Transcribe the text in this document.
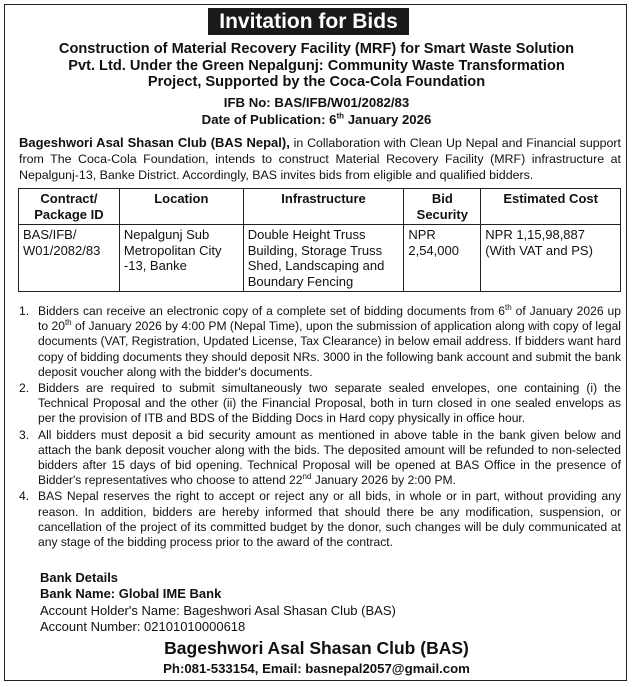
Invitation for Bids
Construction of Material Recovery Facility (MRF) for Smart Waste Solution
Pvt. Ltd. Under the Green Nepalgunj: Community Waste Transformation
Project, Supported by the Coca-Cola Foundation
IFB No: BAS/IFB/W01/2082/83
Date of Publication: 6th January 2026
Bageshwori Asal Shasan Club (BAS Nepal), in Collaboration with Clean Up Nepal and Financial support from The Coca-Cola Foundation, intends to construct Material Recovery Facility (MRF) infrastructure at Nepalgunj-13, Banke District. Accordingly, BAS invites bids from eligible and qualified bidders.
Contract/ Package ID	Location	Infrastructure	Bid Security	Estimated Cost
BAS/IFB/ W01/2082/83	Nepalgunj Sub Metropolitan City -13, Banke	Double Height Truss Building, Storage Truss Shed, Landscaping and Boundary Fencing	NPR 2,54,000	NPR 1,15,98,887 (With VAT and PS)
1. Bidders can receive an electronic copy of a complete set of bidding documents from 6th of January 2026 up to 20th of January 2026 by 4:00 PM (Nepal Time), upon the submission of application along with copy of legal documents (VAT, Registration, Updated License, Tax Clearance) in below email address. If bidders want hard copy of bidding documents they should deposit NRs. 3000 in the following bank account and submit the bank deposit voucher along with the bidder's documents.
2. Bidders are required to submit simultaneously two separate sealed envelopes, one containing (i) the Technical Proposal and the other (ii) the Financial Proposal, both in turn closed in one sealed envelops as per the provision of ITB and BDS of the Bidding Docs in Hard copy physically in office hour.
3. All bidders must deposit a bid security amount as mentioned in above table in the bank given below and attach the bank deposit voucher along with the bids. The deposited amount will be refunded to non-selected bidders after 15 days of bid opening. Technical Proposal will be opened at BAS Office in the presence of Bidder's representatives who choose to attend 22nd January 2026 by 2:00 PM.
4. BAS Nepal reserves the right to accept or reject any or all bids, in whole or in part, without providing any reason. In addition, bidders are hereby informed that should there be any modification, suspension, or cancellation of the project of its committed budget by the donor, such changes will be duly communicated at any stage of the bidding process prior to the award of the contract.
Bank Details
Bank Name: Global IME Bank
Account Holder's Name: Bageshwori Asal Shasan Club (BAS)
Account Number: 02101010000618
Bageshwori Asal Shasan Club (BAS)
Ph:081-533154, Email: basnepal2057@gmail.com
